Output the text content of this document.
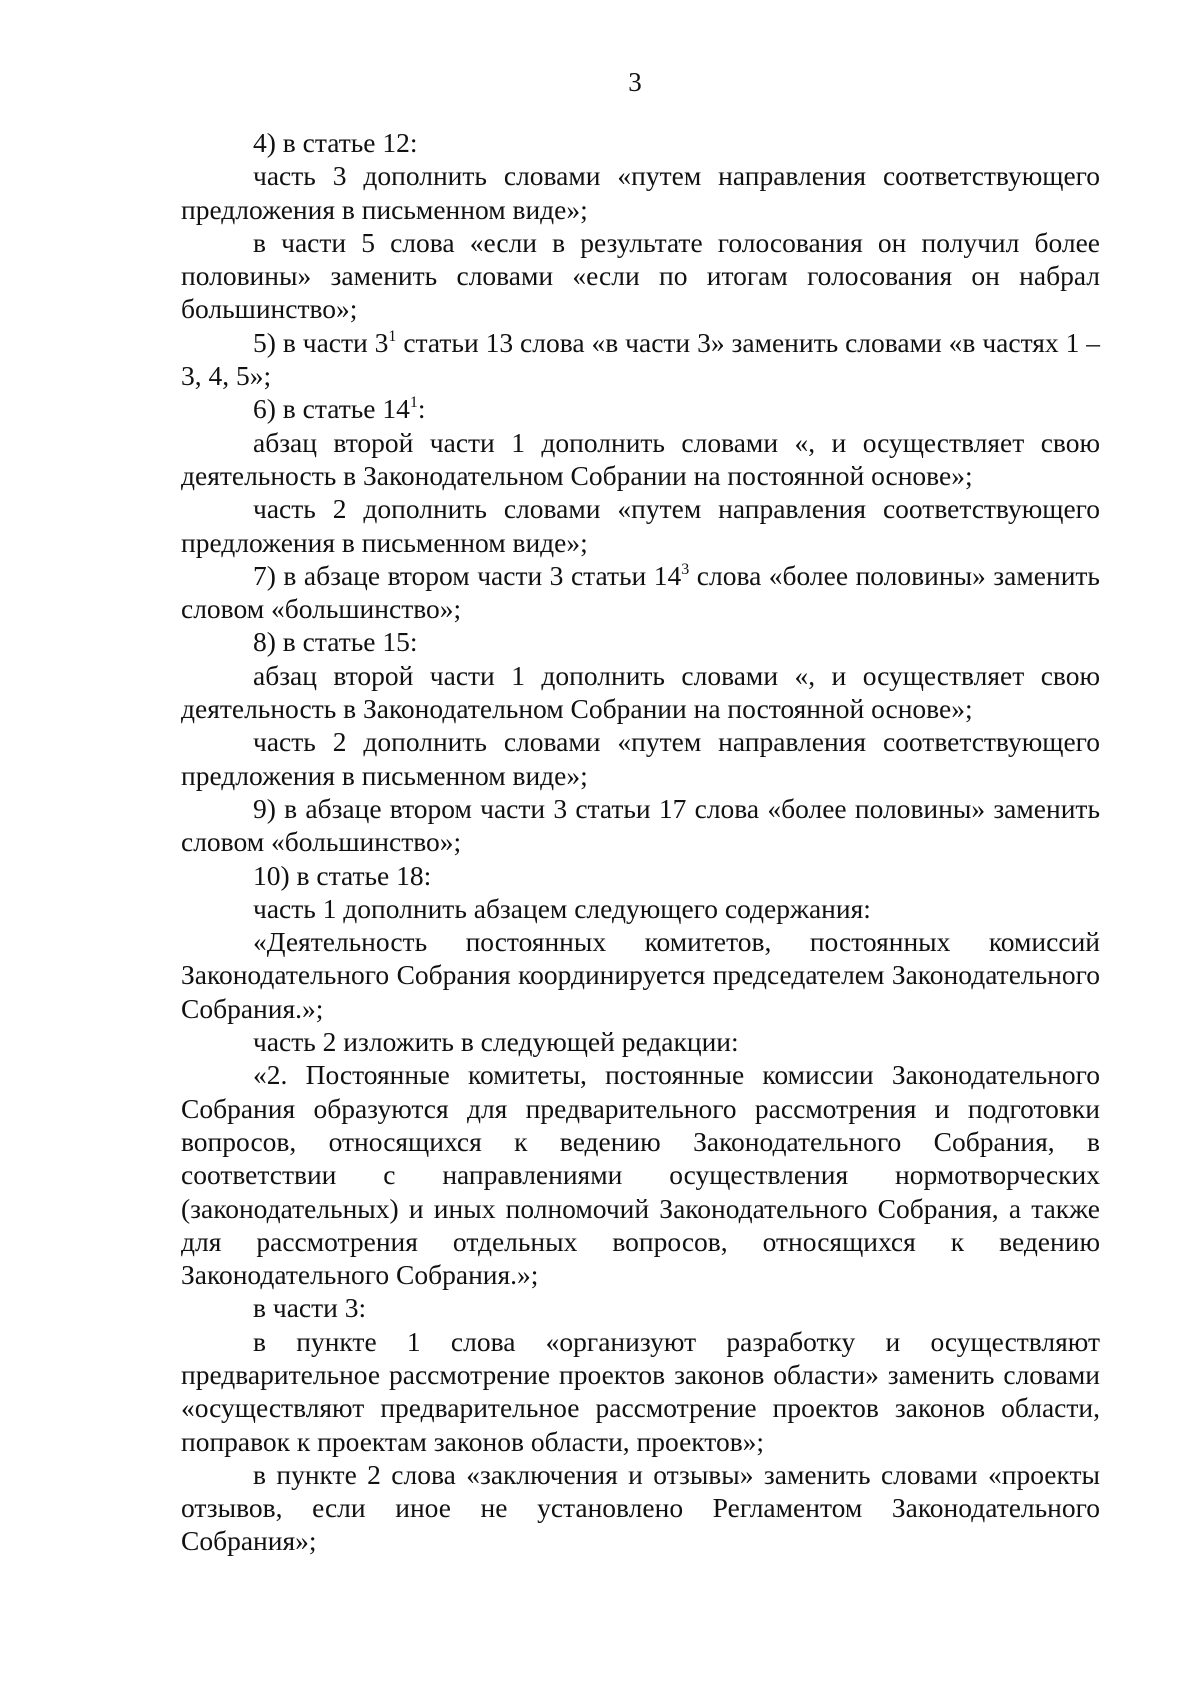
3

4) в статье 12:

часть 3 дополнить словами «путем направления соответствующего предложения в письменном виде»;

в части 5 слова «если в результате голосования он получил более половины» заменить словами «если по итогам голосования он набрал большинство»;

5) в части $3^1$ статьи 13 слова «в части 3» заменить словами «в частях 1 – 3, 4, 5»;

6) в статье $14^1$:

абзац второй части 1 дополнить словами «, и осуществляет свою деятельность в Законодательном Собрании на постоянной основе»;

часть 2 дополнить словами «путем направления соответствующего предложения в письменном виде»;

7) в абзаце втором части 3 статьи $14^3$ слова «более половины» заменить словом «большинство»;

8) в статье 15:

абзац второй части 1 дополнить словами «, и осуществляет свою деятельность в Законодательном Собрании на постоянной основе»;

часть 2 дополнить словами «путем направления соответствующего предложения в письменном виде»;

9) в абзаце втором части 3 статьи 17 слова «более половины» заменить словом «большинство»;

10) в статье 18:

часть 1 дополнить абзацем следующего содержания:

«Деятельность постоянных комитетов, постоянных комиссий Законодательного Собрания координируется председателем Законодательного Собрания.»;

часть 2 изложить в следующей редакции:

«2. Постоянные комитеты, постоянные комиссии Законодательного Собрания образуются для предварительного рассмотрения и подготовки вопросов, относящихся к ведению Законодательного Собрания, в соответствии с направлениями осуществления нормотворческих (законодательных) и иных полномочий Законодательного Собрания, а также для рассмотрения отдельных вопросов, относящихся к ведению Законодательного Собрания.»;

в части 3:

в пункте 1 слова «организуют разработку и осуществляют предварительное рассмотрение проектов законов области» заменить словами «осуществляют предварительное рассмотрение проектов законов области, поправок к проектам законов области, проектов»;

в пункте 2 слова «заключения и отзывы» заменить словами «проекты отзывов, если иное не установлено Регламентом Законодательного Собрания»;
